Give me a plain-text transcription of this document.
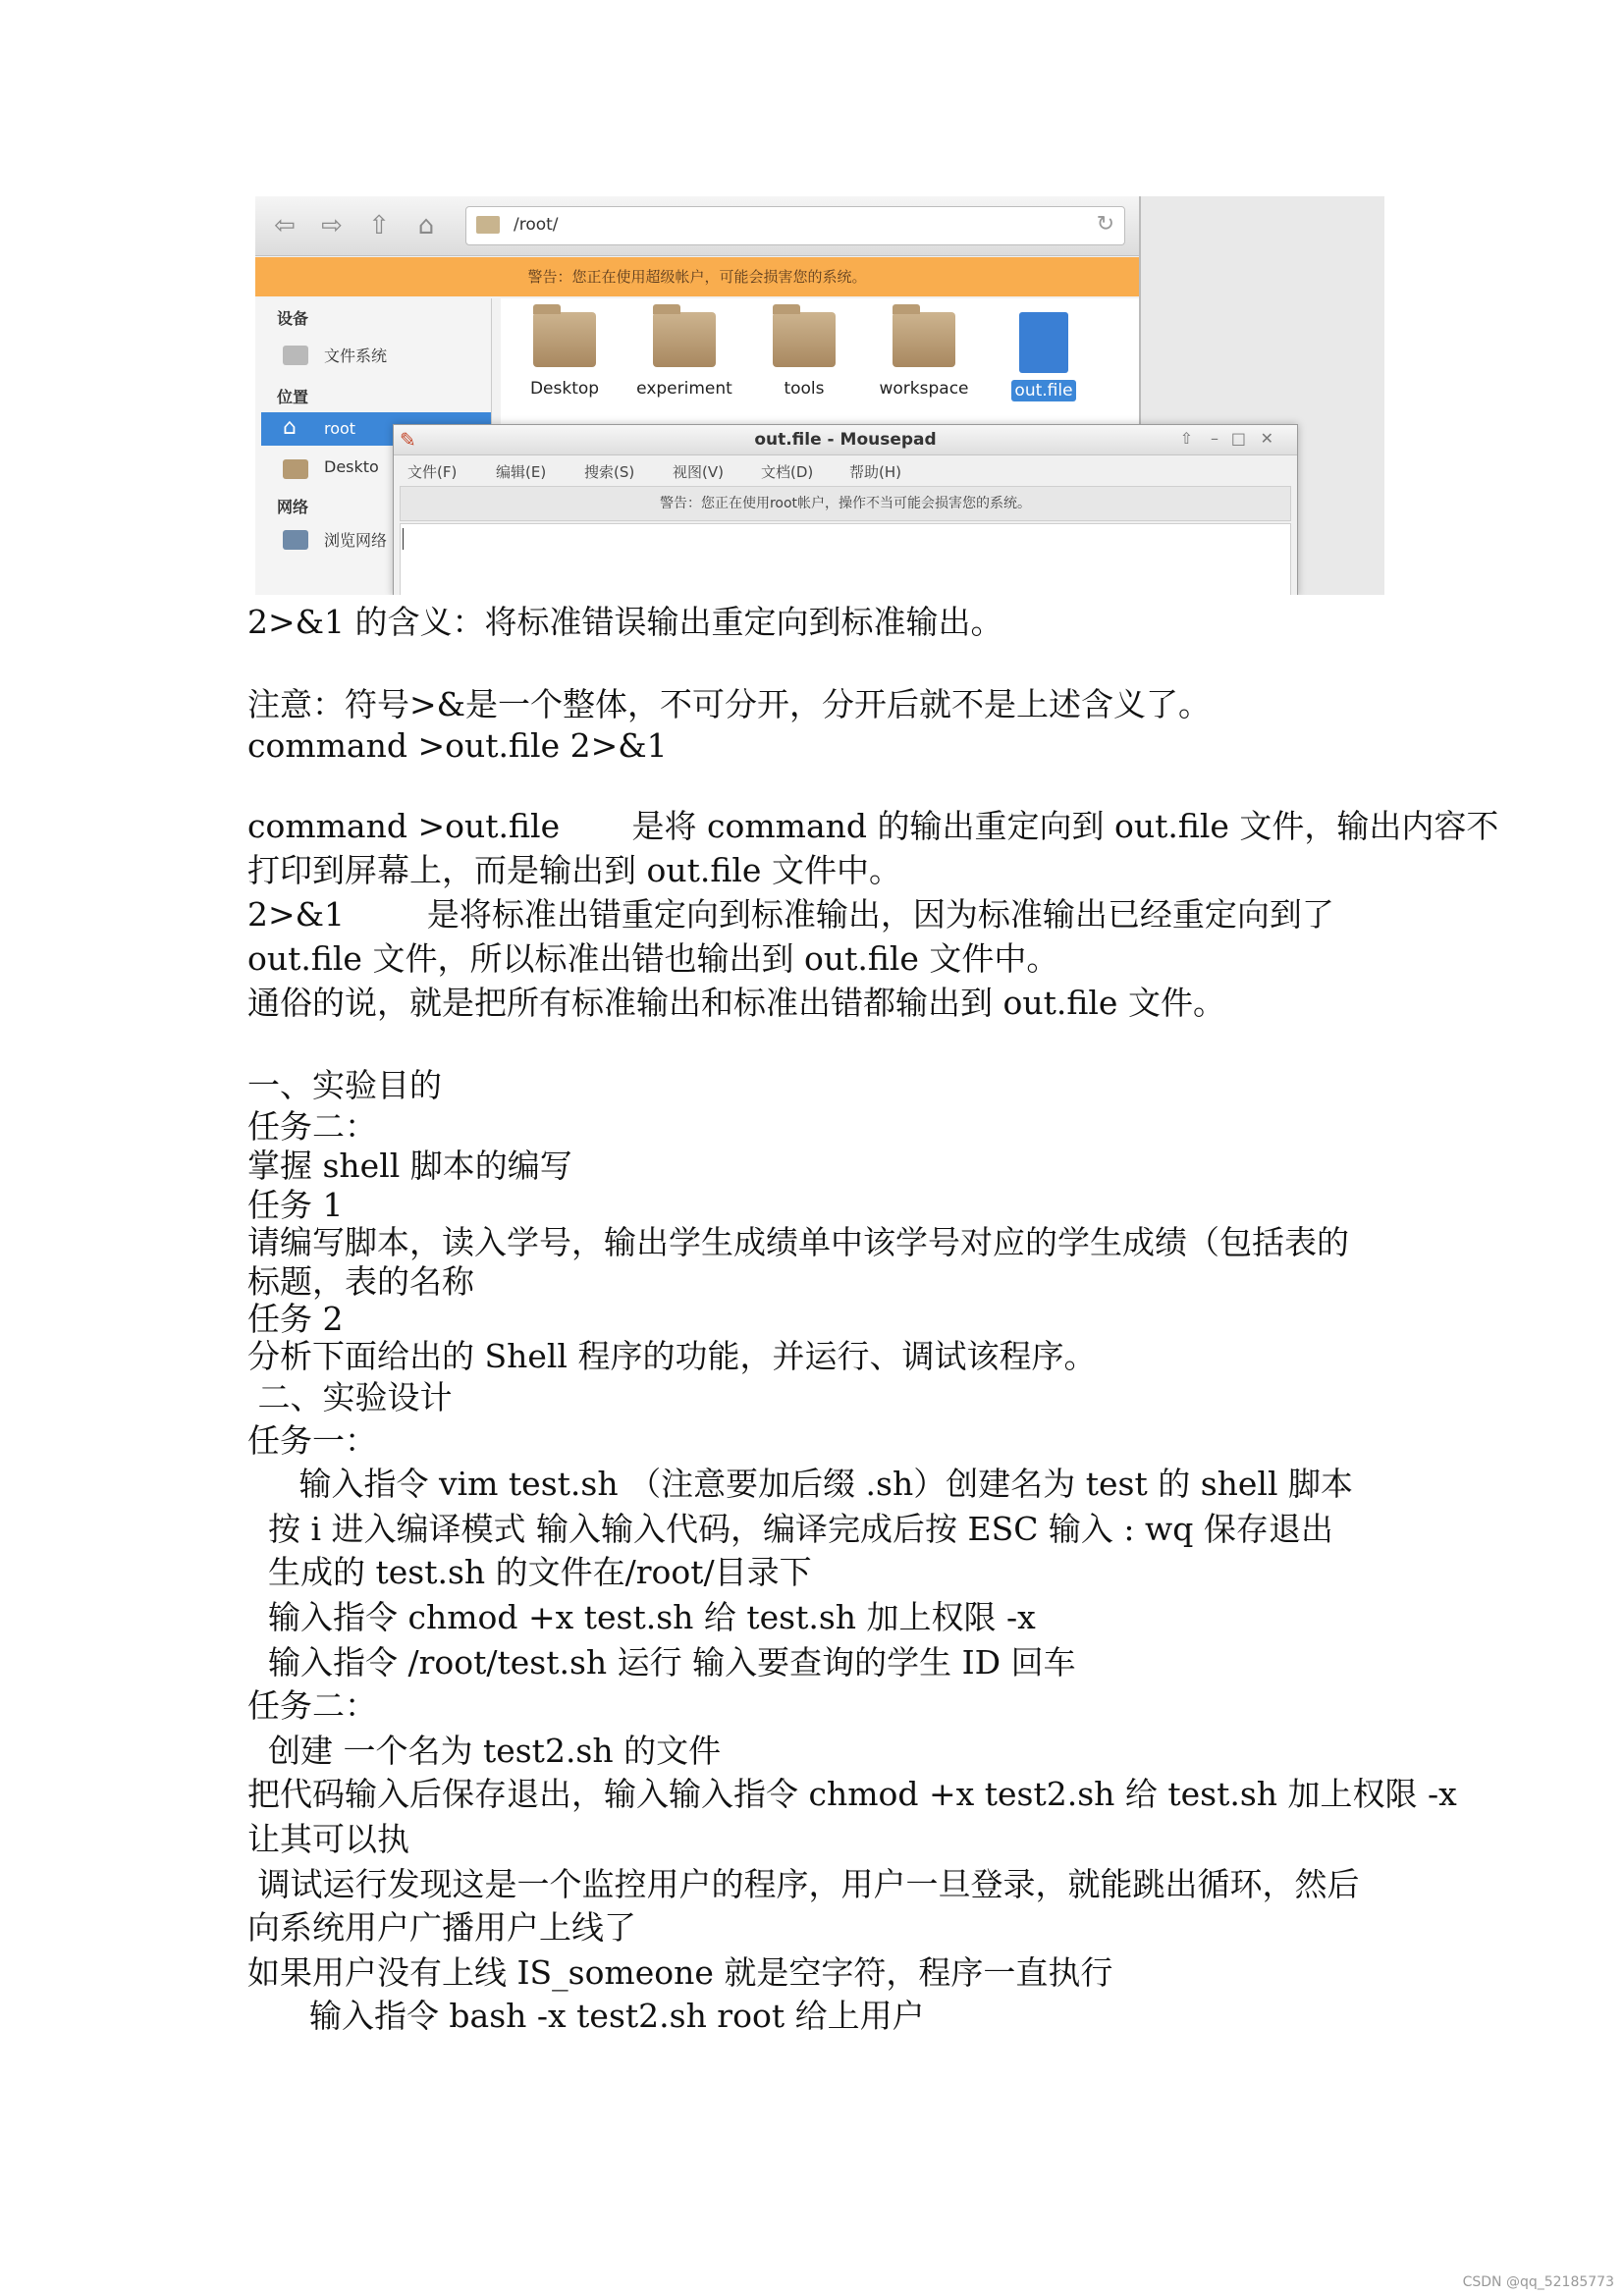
⇦ ⇨ ⇧ ⌂	/root/	↻
警告：您正在使用超级帐户，可能会损害您的系统。
设备
文件系统
位置
⌂ root
Deskto
网络
浏览网络
Desktop	experiment	tools	workspace	out.file
✎	out.file - Mousepad	⇧ – □ ✕
文件(F)	编辑(E)	搜索(S)	视图(V)	文档(D) 帮助(H)
警告：您正在使用root帐户，操作不当可能会损害您的系统。
2>&1 的含义：将标准错误输出重定向到标准输出。
注意：符号>&是一个整体，不可分开，分开后就不是上述含义了。
command >out.file 2>&1
command >out.file       是将 command 的输出重定向到 out.file 文件，输出内容不
打印到屏幕上，而是输出到 out.file 文件中。
2>&1        是将标准出错重定向到标准输出，因为标准输出已经重定向到了
out.file 文件，所以标准出错也输出到 out.file 文件中。
通俗的说，就是把所有标准输出和标准出错都输出到 out.file 文件。
一、实验目的
任务二：
掌握 shell 脚本的编写
任务 1
请编写脚本，读入学号，输出学生成绩单中该学号对应的学生成绩（包括表的
标题，表的名称
任务 2
分析下面给出的 Shell 程序的功能，并运行、调试该程序。
二、实验设计
任务一：
输入指令 vim test.sh （注意要加后缀 .sh）创建名为 test 的 shell 脚本
按 i 进入编译模式 输入输入代码，编译完成后按 ESC 输入 : wq 保存退出
生成的 test.sh 的文件在/root/目录下
输入指令 chmod +x test.sh 给 test.sh 加上权限 -x
输入指令 /root/test.sh 运行 输入要查询的学生 ID 回车
任务二：
创建 一个名为 test2.sh 的文件
把代码输入后保存退出，输入输入指令 chmod +x test2.sh 给 test.sh 加上权限 -x
让其可以执
调试运行发现这是一个监控用户的程序，用户一旦登录，就能跳出循环，然后
向系统用户广播用户上线了
如果用户没有上线 IS_someone 就是空字符，程序一直执行
输入指令 bash -x test2.sh root 给上用户
CSDN @qq_52185773
